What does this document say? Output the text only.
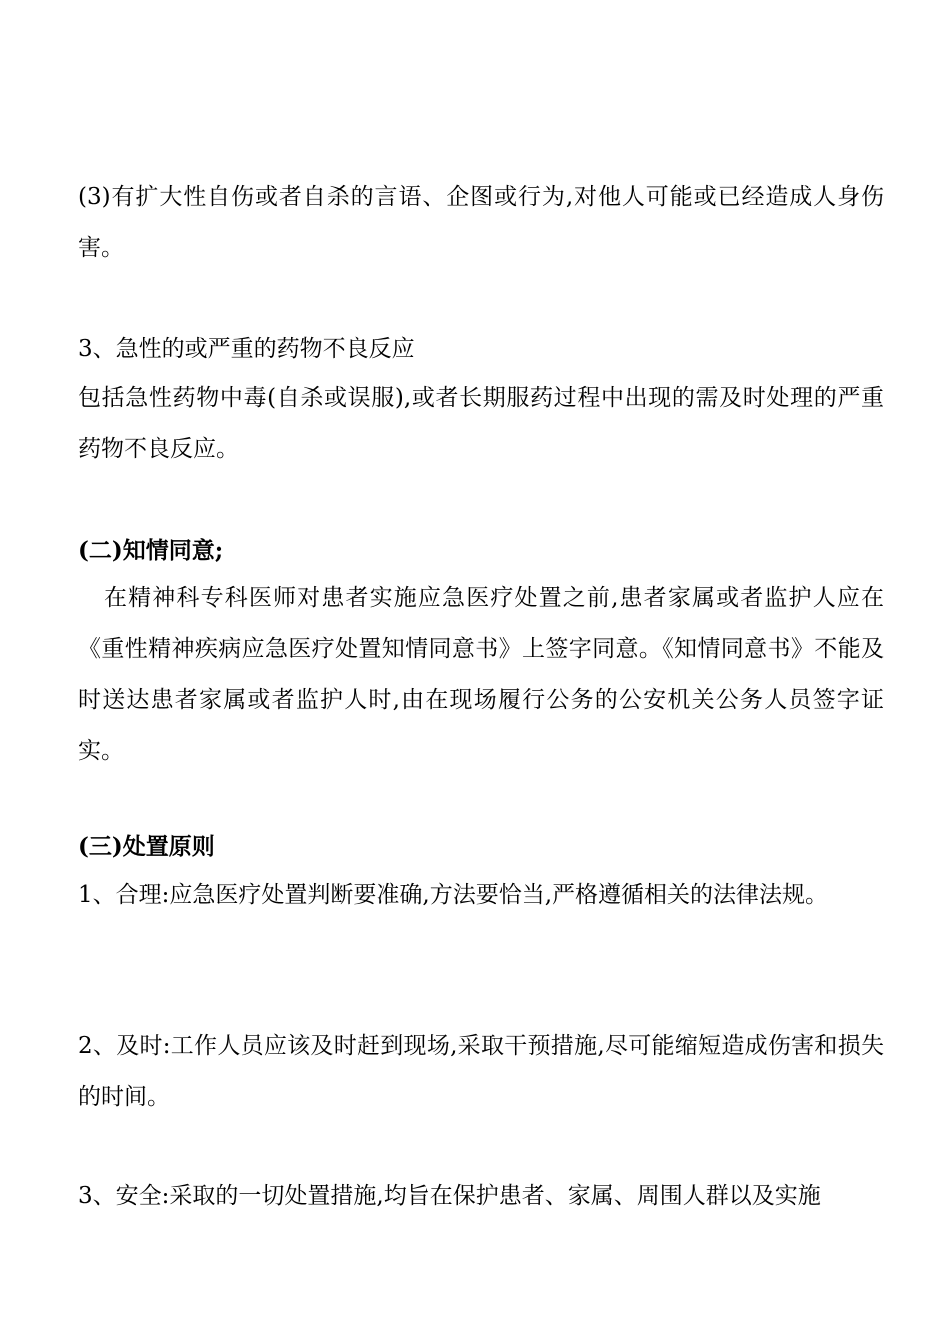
(3)有扩大性自伤或者自杀的言语、企图或行为,对他人可能或已经造成人身伤害。

3、急性的或严重的药物不良反应

包括急性药物中毒(自杀或误服),或者长期服药过程中出现的需及时处理的严重药物不良反应。

(二)知情同意;

在精神科专科医师对患者实施应急医疗处置之前,患者家属或者监护人应在《重性精神疾病应急医疗处置知情同意书》上签字同意。《知情同意书》不能及时送达患者家属或者监护人时,由在现场履行公务的公安机关公务人员签字证实。

(三)处置原则

1、合理:应急医疗处置判断要准确,方法要恰当,严格遵循相关的法律法规。

2、及时:工作人员应该及时赶到现场,采取干预措施,尽可能缩短造成伤害和损失的时间。

3、安全:采取的一切处置措施,均旨在保护患者、家属、周围人群以及实施
